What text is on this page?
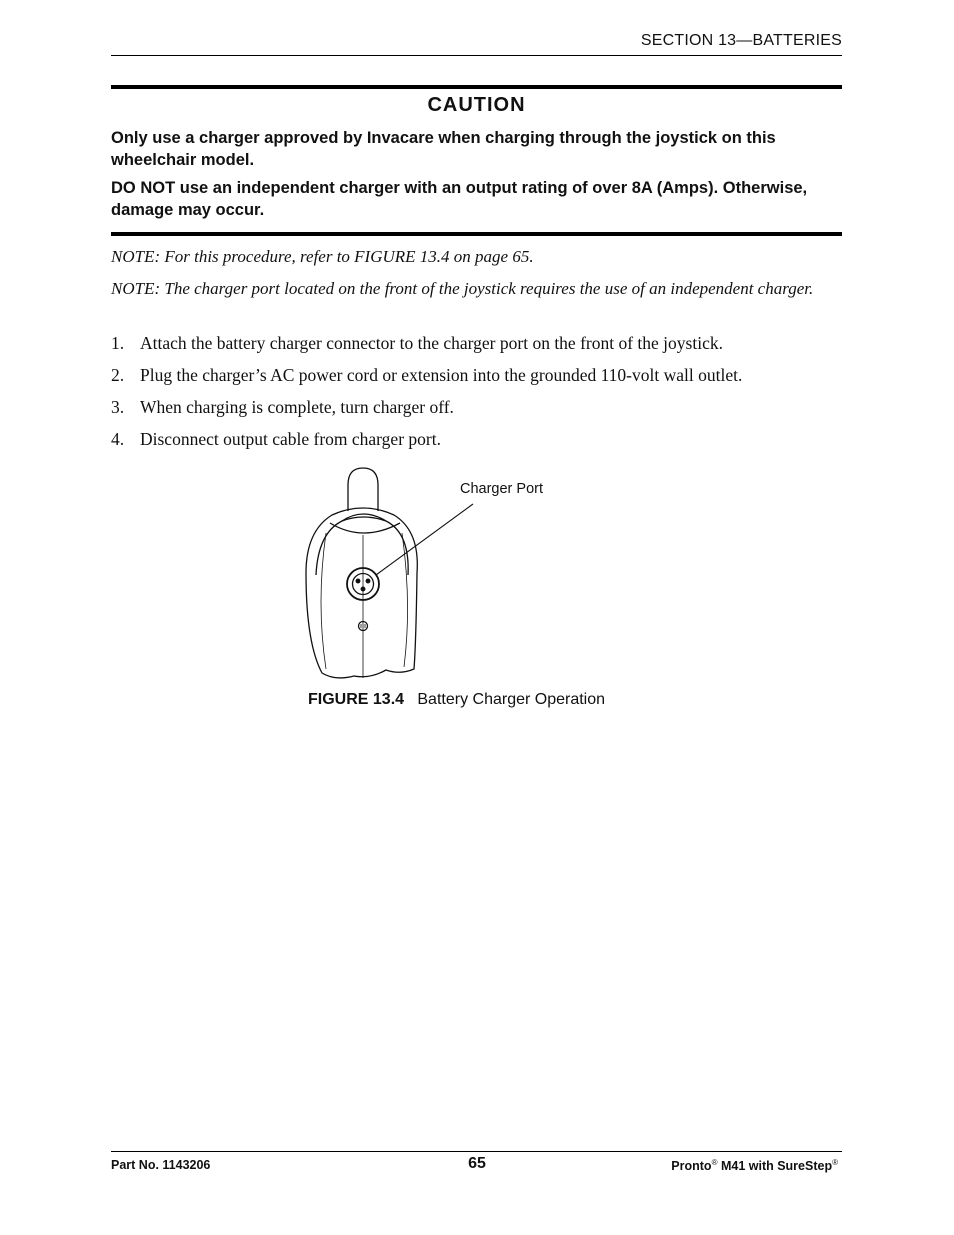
SECTION 13—BATTERIES
CAUTION

Only use a charger approved by Invacare when charging through the joystick on this wheelchair model.

DO NOT use an independent charger with an output rating of over 8A (Amps). Otherwise, damage may occur.

NOTE: For this procedure, refer to FIGURE 13.4 on page 65.
NOTE: The charger port located on the front of the joystick requires the use of an independent charger.
1. Attach the battery charger connector to the charger port on the front of the joystick.
2. Plug the charger’s AC power cord or extension into the grounded 110-volt wall outlet.
3. When charging is complete, turn charger off.
4. Disconnect output cable from charger port.
Charger Port
FIGURE 13.4 Battery Charger Operation
Part No. 1143206	65	Pronto® M41 with SureStep®
